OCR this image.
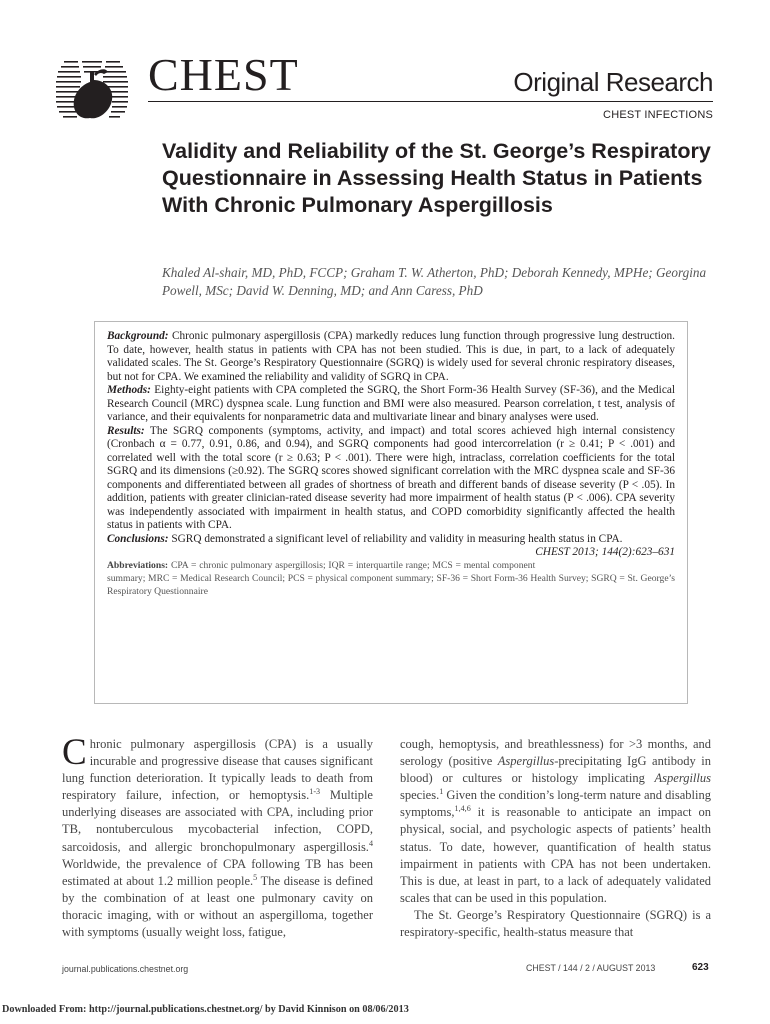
CHEST	Original Research
CHEST INFECTIONS
Validity and Reliability of the St. George’s Respiratory Questionnaire in Assessing Health Status in Patients With Chronic Pulmonary Aspergillosis

Khaled Al-shair, MD, PhD, FCCP; Graham T. W. Atherton, PhD; Deborah Kennedy, MPHe; Georgina Powell, MSc; David W. Denning, MD; and Ann Caress, PhD

Background: Chronic pulmonary aspergillosis (CPA) markedly reduces lung function through progressive lung destruction. To date, however, health status in patients with CPA has not been studied. This is due, in part, to a lack of adequately validated scales. The St. George’s Respiratory Questionnaire (SGRQ) is widely used for several chronic respiratory diseases, but not for CPA. We examined the reliability and validity of SGRQ in CPA.

Methods: Eighty-eight patients with CPA completed the SGRQ, the Short Form-36 Health Survey (SF-36), and the Medical Research Council (MRC) dyspnea scale. Lung function and BMI were also measured. Pearson correlation, t test, analysis of variance, and their equivalents for nonparametric data and multivariate linear and binary analyses were used.

Results: The SGRQ components (symptoms, activity, and impact) and total scores achieved high internal consistency (Cronbach α = 0.77, 0.91, 0.86, and 0.94), and SGRQ components had good intercorrelation (r ≥ 0.41; P < .001) and correlated well with the total score (r ≥ 0.63; P < .001). There were high, intraclass, correlation coefficients for the total SGRQ and its dimensions (≥0.92). The SGRQ scores showed significant correlation with the MRC dyspnea scale and SF-36 components and differentiated between all grades of shortness of breath and different bands of disease severity (P < .05). In addition, patients with greater clinician-rated disease severity had more impairment of health status (P < .006). CPA severity was independently associated with impairment in health status, and COPD comorbidity significantly affected the health status in patients with CPA.

Conclusions: SGRQ demonstrated a significant level of reliability and validity in measuring health status in CPA.
CHEST 2013; 144(2):623–631

Abbreviations: CPA = chronic pulmonary aspergillosis; IQR = interquartile range; MCS = mental component summary; MRC = Medical Research Council; PCS = physical component summary; SF-36 = Short Form-36 Health Survey; SGRQ = St. George’s Respiratory Questionnaire

Chronic pulmonary aspergillosis (CPA) is a usually incurable and progressive disease that causes significant lung function deterioration. It typically leads to death from respiratory failure, infection, or hemoptysis.$^{1-3}$ Multiple underlying diseases are associated with CPA, including prior TB, nontuberculous mycobacterial infection, COPD, sarcoidosis, and allergic bronchopulmonary aspergillosis.$^4$ Worldwide, the prevalence of CPA following TB has been estimated at about 1.2 million people.$^5$ The disease is defined by the combination of at least one pulmonary cavity on thoracic imaging, with or without an aspergilloma, together with symptoms (usually weight loss, fatigue,

cough, hemoptysis, and breathlessness) for >3 months, and serology (positive Aspergillus-precipitating IgG antibody in blood) or cultures or histology implicating Aspergillus species.$^1$ Given the condition’s long-term nature and disabling symptoms,$^{1,4,6}$ it is reasonable to anticipate an impact on physical, social, and psychologic aspects of patients’ health status. To date, however, quantification of health status impairment in patients with CPA has not been undertaken. This is due, at least in part, to a lack of adequately validated scales that can be used in this population.

The St. George’s Respiratory Questionnaire (SGRQ) is a respiratory-specific, health-status measure that

journal.publications.chestnet.org	CHEST / 144 / 2 / AUGUST 2013	623
Downloaded From: http://journal.publications.chestnet.org/ by David Kinnison on 08/06/2013
